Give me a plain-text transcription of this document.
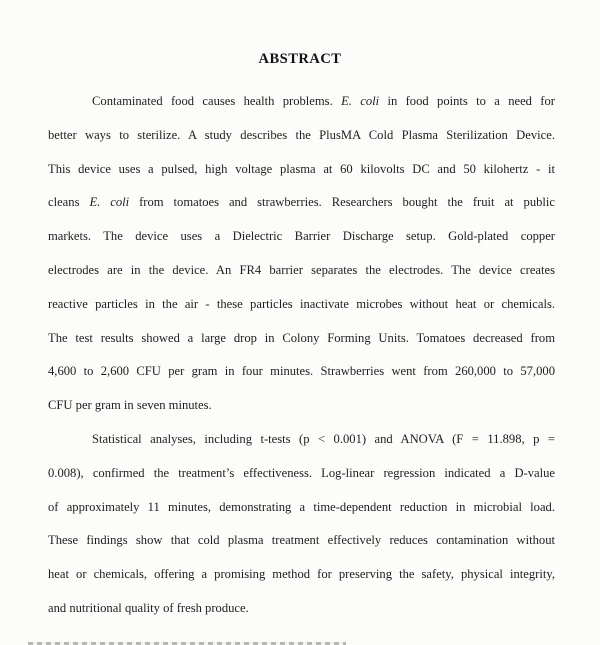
ABSTRACT
Contaminated food causes health problems. E. coli in food points to a need for
better ways to sterilize. A study describes the PlusMA Cold Plasma Sterilization Device.
This device uses a pulsed, high voltage plasma at 60 kilovolts DC and 50 kilohertz - it
cleans E. coli from tomatoes and strawberries. Researchers bought the fruit at public
markets. The device uses a Dielectric Barrier Discharge setup. Gold-plated copper
electrodes are in the device. An FR4 barrier separates the electrodes. The device creates
reactive particles in the air - these particles inactivate microbes without heat or chemicals.
The test results showed a large drop in Colony Forming Units. Tomatoes decreased from
4,600 to 2,600 CFU per gram in four minutes. Strawberries went from 260,000 to 57,000
CFU per gram in seven minutes.
Statistical analyses, including t-tests (p < 0.001) and ANOVA (F = 11.898, p =
0.008), confirmed the treatment’s effectiveness. Log-linear regression indicated a D-value
of approximately 11 minutes, demonstrating a time-dependent reduction in microbial load.
These findings show that cold plasma treatment effectively reduces contamination without
heat or chemicals, offering a promising method for preserving the safety, physical integrity,
and nutritional quality of fresh produce.
